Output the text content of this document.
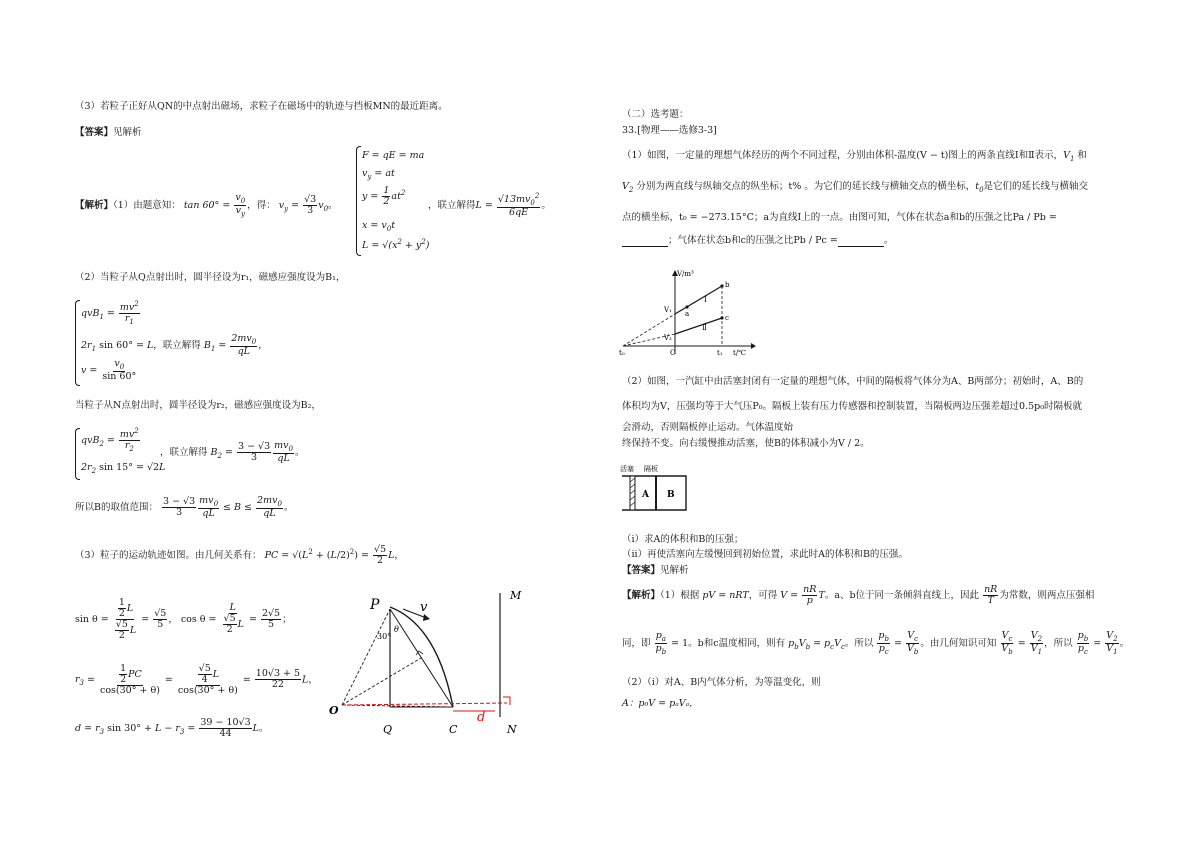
（3）若粒子正好从QN的中点射出磁场，求粒子在磁场中的轨迹与挡板MN的最近距离。
【答案】见解析
【解析】（1）由题意知： $\tan 60^\circ = \frac{v_0}{v_y}$ ，得： $v_y = \frac{√3}{3} v_0$。
F = qE = ma
$v_y$ = at
$y = \frac{1}{2} at^2$
$x = v_0t$
$L = √(x^2 + y^2)$
，联立解得$L = \frac{√13mv_0^2}{6qE}$ 。
（2）当粒子从Q点射出时，圆半径设为r₁，磁感应强度设为B₁，
$qvB_1 = \frac{mv^2}{r_1}$
$2r_1$ sin 60° = L，联立解得 $B_1 = \frac{2mv_0}{qL}$ ，
$v = \frac{v_0}{\sin 60^\circ}$
当粒子从N点射出时，圆半径设为r₂，磁感应强度设为B₂，
$qvB_2 = \frac{mv^2}{r_2}$ ，联立解得 $B_2 = \frac{3 - √3}{3} \frac{mv_0}{qL}$ 。
$2r_2$ sin 15° = √2L
所以B的取值范围： $\frac{3 - √3}{3} \frac{mv_0}{qL} \le B \le \frac{2mv_0}{qL}$ 。
（3）粒子的运动轨迹如图。由几何关系有： PC = $√(L^2 + (L/2)^2) = \frac{√5}{2}$ L，
$\sin \theta = \frac{\frac{1}{2} L}{\frac{√5}{2} L} = \frac{√5}{5}$ ， $\cos \theta = \frac{L}{\frac{√5}{2} L} = \frac{2√5}{5}$ ；
$r_3 = \frac{\frac{1}{2} PC}{\cos(30^\circ + \theta)} = \frac{\frac{√5}{4} L}{\cos(30^\circ + \theta)} = \frac{10√3 + 5}{22}$ L，
$d = r_3$ $\sin 30^\circ + L - r_3 = \frac{39 - 10√3}{44}$ L。
P	v
30°
θ
M
O
Q	C	N
d
（二）选考题：
33.[物理——选修3-3]
（1）如图，一定量的理想气体经历的两个不同过程，分别由体积-温度(V − t)图上的两条直线Ⅰ和Ⅱ表示，$V_1$ 和
$V_2$ 分别为两直线与纵轴交点的纵坐标；t% 。为它们的延长线与横轴交点的横坐标，$t_0$是它们的延长线与横轴交
点的横坐标，t₀ = −273.15°C；a为直线Ⅰ上的一点。由图可知，气体在状态a和b的压强之比Pa / Pb =
；气体在状态b和c的压强之比Pb / Pc =	。
V/m³
t/℃
t₀	O	t₁
V₁
V₂
a
b
c
Ⅰ
Ⅱ
（2）如图，一汽缸中由活塞封闭有一定量的理想气体，中间的隔板将气体分为A、B两部分；初始时，A、B的
体积均为V，压强均等于大气压P₀。隔板上装有压力传感器和控制装置，当隔板两边压强差超过0.5p₀时隔板就
会滑动，否则隔板停止运动。气体温度始
终保持不变。向右缓慢推动活塞，使B的体积减小为V / 2。
活塞 隔板
A B
（i）求A的体积和B的压强；
（ii）再使活塞向左缓慢回到初始位置，求此时A的体积和B的压强。
【答案】见解析
【解析】（1）根据 pV = nRT，可得 $V = \frac{nR}{p}$ T。a、b位于同一条倾斜直线上，因此 $\frac{nR}{T}$ 为常数，则两点压强相
同，即 $\frac{p_a}{p_b} = 1$。b和c温度相同，则有 $p_bV_b = p_cV_c$。所以 $\frac{p_b}{p_c} = \frac{V_c}{V_b}$ 。由几何知识可知 $\frac{V_c}{V_b} = \frac{V_2}{V_1}$ ，所以 $\frac{p_b}{p_c} = \frac{V_2}{V_1}$ 。
（2）（i）对A、B内气体分析，为等温变化，则
A：p₀V = pₐVₐ，
